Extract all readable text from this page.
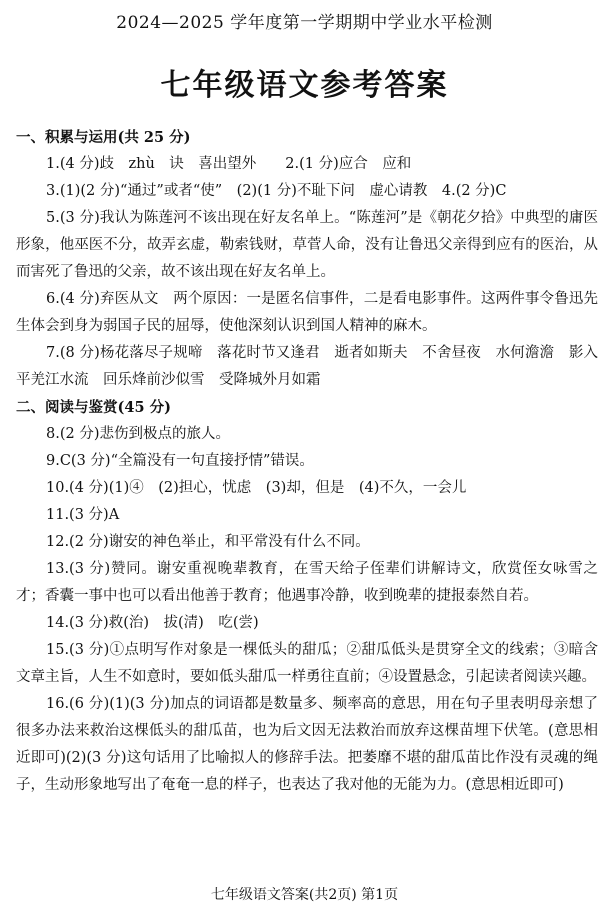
2024—2025 学年度第一学期期中学业水平检测
七年级语文参考答案
一、积累与运用(共 25 分)
1.(4 分)歧　zhù　诀　喜出望外　　2.(1 分)应合　应和
3.(1)(2 分)“通过”或者“使”　(2)(1 分)不耻下问　虚心请教　4.(2 分)C
5.(3 分)我认为陈莲河不该出现在好友名单上。“陈莲河”是《朝花夕拾》中典型的庸医形象，他巫医不分，故弄玄虚，勒索钱财，草菅人命，没有让鲁迅父亲得到应有的医治，从而害死了鲁迅的父亲，故不该出现在好友名单上。
6.(4 分)弃医从文　两个原因：一是匿名信事件，二是看电影事件。这两件事令鲁迅先生体会到身为弱国子民的屈辱，使他深刻认识到国人精神的麻木。
7.(8 分)杨花落尽子规啼　落花时节又逢君　逝者如斯夫　不舍昼夜　水何澹澹　影入平羌江水流　回乐烽前沙似雪　受降城外月如霜
二、阅读与鉴赏(45 分)
8.(2 分)悲伤到极点的旅人。
9.C(3 分)“全篇没有一句直接抒情”错误。
10.(4 分)(1)④　(2)担心，忧虑　(3)却，但是　(4)不久，一会儿
11.(3 分)A
12.(2 分)谢安的神色举止，和平常没有什么不同。
13.(3 分)赞同。谢安重视晚辈教育，在雪天给子侄辈们讲解诗文，欣赏侄女咏雪之才；香囊一事中也可以看出他善于教育；他遇事冷静，收到晚辈的捷报泰然自若。
14.(3 分)救(治)　拔(清)　吃(尝)
15.(3 分)①点明写作对象是一棵低头的甜瓜；②甜瓜低头是贯穿全文的线索；③暗含文章主旨，人生不如意时，要如低头甜瓜一样勇往直前；④设置悬念，引起读者阅读兴趣。
16.(6 分)(1)(3 分)加点的词语都是数量多、频率高的意思，用在句子里表明母亲想了很多办法来救治这棵低头的甜瓜苗，也为后文因无法救治而放弃这棵苗埋下伏笔。(意思相近即可)(2)(3 分)这句话用了比喻拟人的修辞手法。把萎靡不堪的甜瓜苗比作没有灵魂的绳子，生动形象地写出了奄奄一息的样子，也表达了我对他的无能为力。(意思相近即可)
七年级语文答案(共2页) 第1页
